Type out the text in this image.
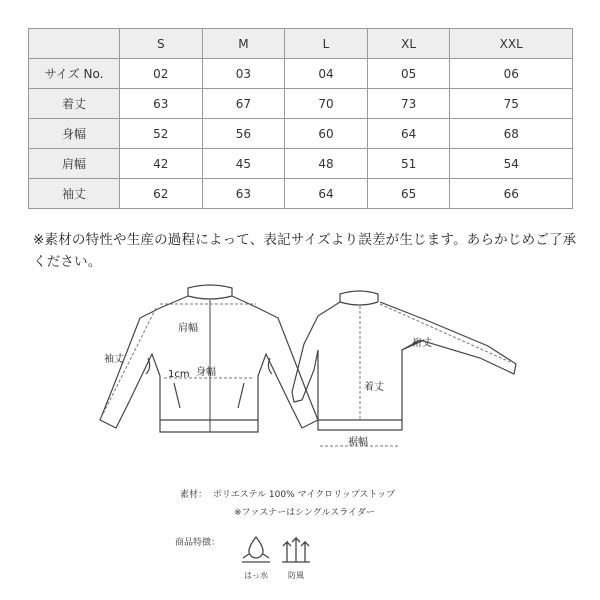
	S	M	L	XL	XXL
サイズ No.	02	03	04	05	06
着丈	63	67	70	73	75
身幅	52	56	60	64	68
肩幅	42	45	48	51	54
袖丈	62	63	64	65	66
※素材の特性や生産の過程によって、表記サイズより誤差が生じます。あらかじめご了承ください。
肩幅
袖丈
1cm 身幅
裄丈
着丈
裾幅
素材： ポリエステル 100% マイクロリップストップ
※ファスナーはシングルスライダー
商品特徴：
はっ水	防風
